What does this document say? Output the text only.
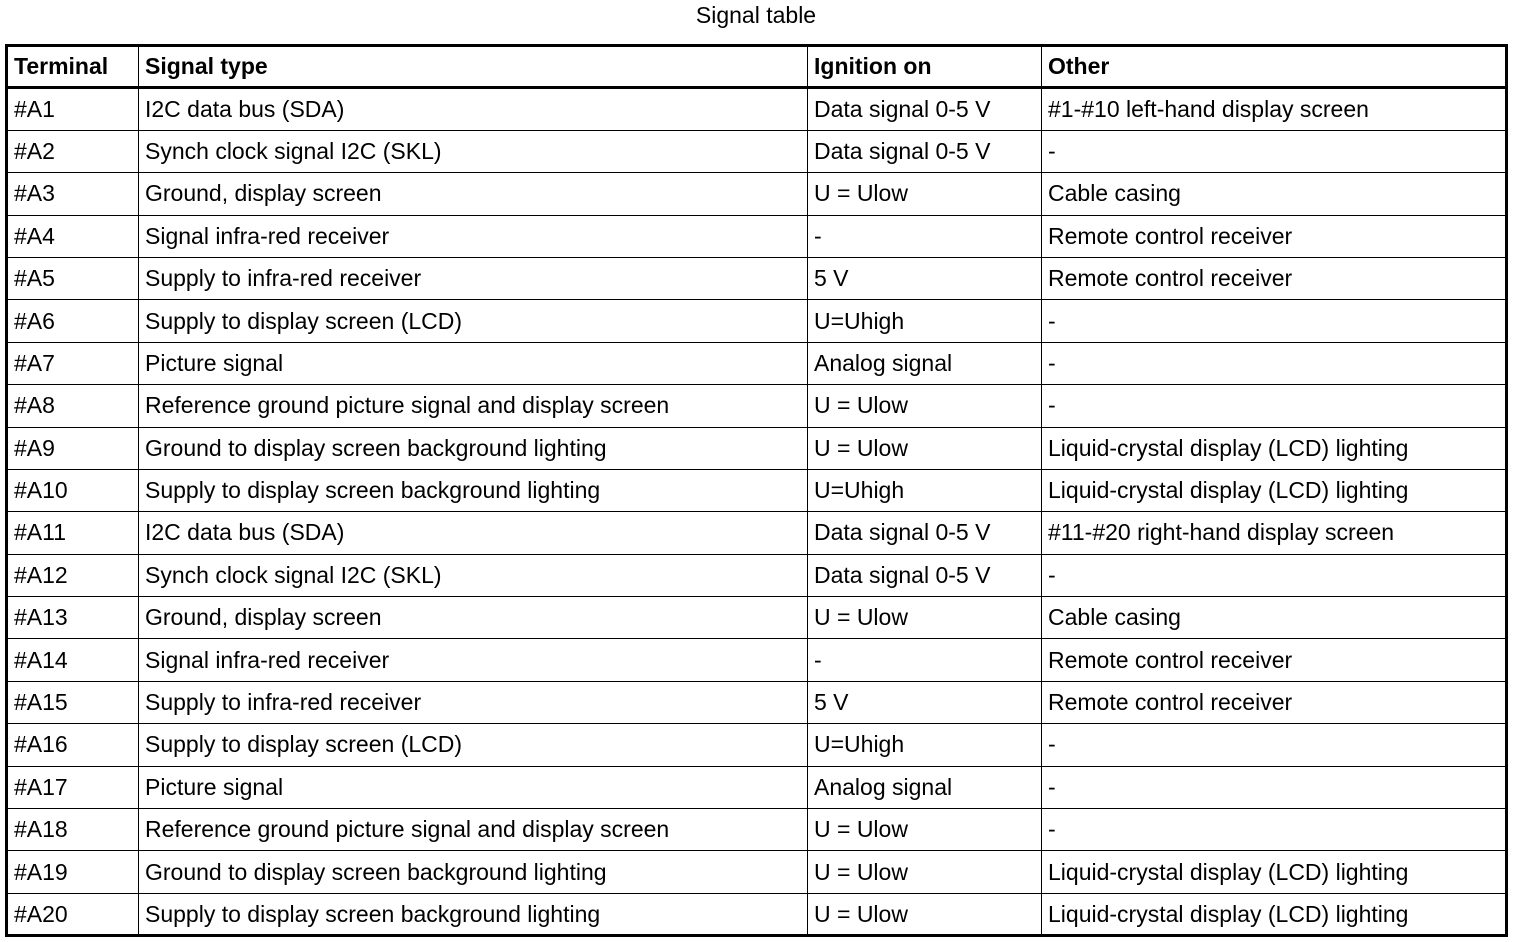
Signal table
Terminal	Signal type	Ignition on	Other
#A1	I2C data bus (SDA)	Data signal 0-5 V	#1-#10 left-hand display screen
#A2	Synch clock signal I2C (SKL)	Data signal 0-5 V	-
#A3	Ground, display screen	U = Ulow	Cable casing
#A4	Signal infra-red receiver	-	Remote control receiver
#A5	Supply to infra-red receiver	5 V	Remote control receiver
#A6	Supply to display screen (LCD)	U=Uhigh	-
#A7	Picture signal	Analog signal	-
#A8	Reference ground picture signal and display screen	U = Ulow	-
#A9	Ground to display screen background lighting	U = Ulow	Liquid-crystal display (LCD) lighting
#A10	Supply to display screen background lighting	U=Uhigh	Liquid-crystal display (LCD) lighting
#A11	I2C data bus (SDA)	Data signal 0-5 V	#11-#20 right-hand display screen
#A12	Synch clock signal I2C (SKL)	Data signal 0-5 V	-
#A13	Ground, display screen	U = Ulow	Cable casing
#A14	Signal infra-red receiver	-	Remote control receiver
#A15	Supply to infra-red receiver	5 V	Remote control receiver
#A16	Supply to display screen (LCD)	U=Uhigh	-
#A17	Picture signal	Analog signal	-
#A18	Reference ground picture signal and display screen	U = Ulow	-
#A19	Ground to display screen background lighting	U = Ulow	Liquid-crystal display (LCD) lighting
#A20	Supply to display screen background lighting	U = Ulow	Liquid-crystal display (LCD) lighting
